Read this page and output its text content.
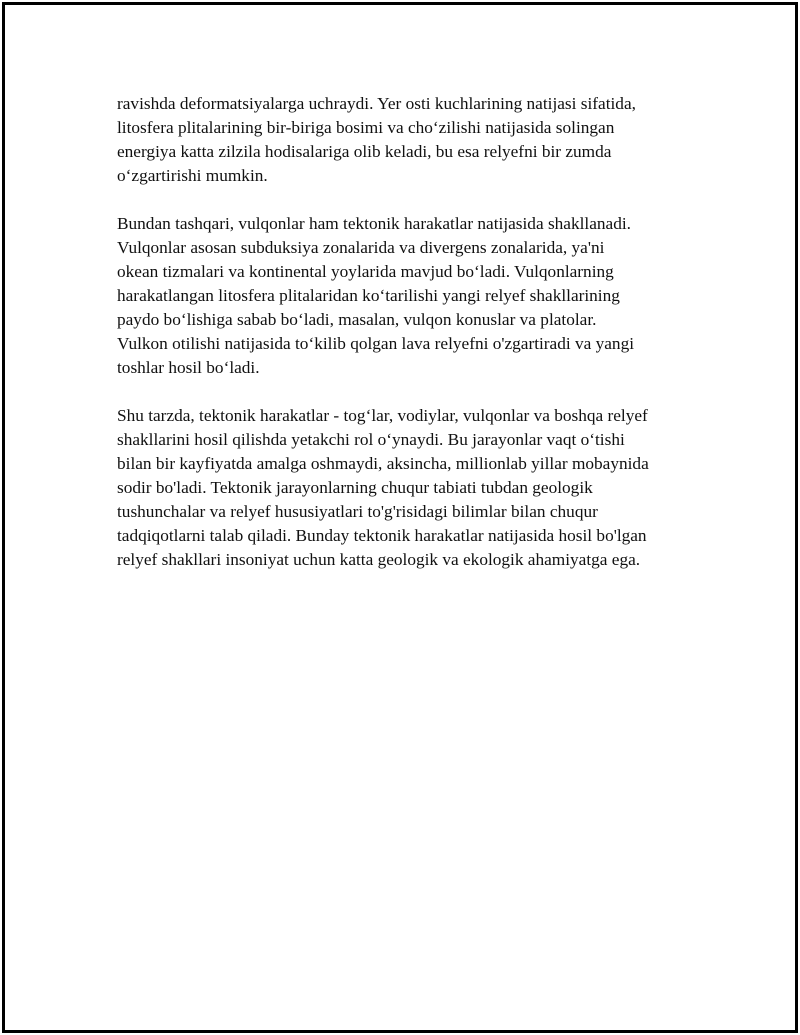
ravishda deformatsiyalarga uchraydi. Yer osti kuchlarining natijasi sifatida,
litosfera plitalarining bir-biriga bosimi va cho‘zilishi natijasida solingan
energiya katta zilzila hodisalariga olib keladi, bu esa relyefni bir zumda
o‘zgartirishi mumkin.

Bundan tashqari, vulqonlar ham tektonik harakatlar natijasida shakllanadi.
Vulqonlar asosan subduksiya zonalarida va divergens zonalarida, ya'ni
okean tizmalari va kontinental yoylarida mavjud bo‘ladi. Vulqonlarning
harakatlangan litosfera plitalaridan ko‘tarilishi yangi relyef shakllarining
paydo bo‘lishiga sabab bo‘ladi, masalan, vulqon konuslar va platolar.
Vulkon otilishi natijasida to‘kilib qolgan lava relyefni o'zgartiradi va yangi
toshlar hosil bo‘ladi.

Shu tarzda, tektonik harakatlar - tog‘lar, vodiylar, vulqonlar va boshqa relyef
shakllarini hosil qilishda yetakchi rol o‘ynaydi. Bu jarayonlar vaqt o‘tishi
bilan bir kayfiyatda amalga oshmaydi, aksincha, millionlab yillar mobaynida
sodir bo'ladi. Tektonik jarayonlarning chuqur tabiati tubdan geologik
tushunchalar va relyef hususiyatlari to'g'risidagi bilimlar bilan chuqur
tadqiqotlarni talab qiladi. Bunday tektonik harakatlar natijasida hosil bo'lgan
relyef shakllari insoniyat uchun katta geologik va ekologik ahamiyatga ega.
